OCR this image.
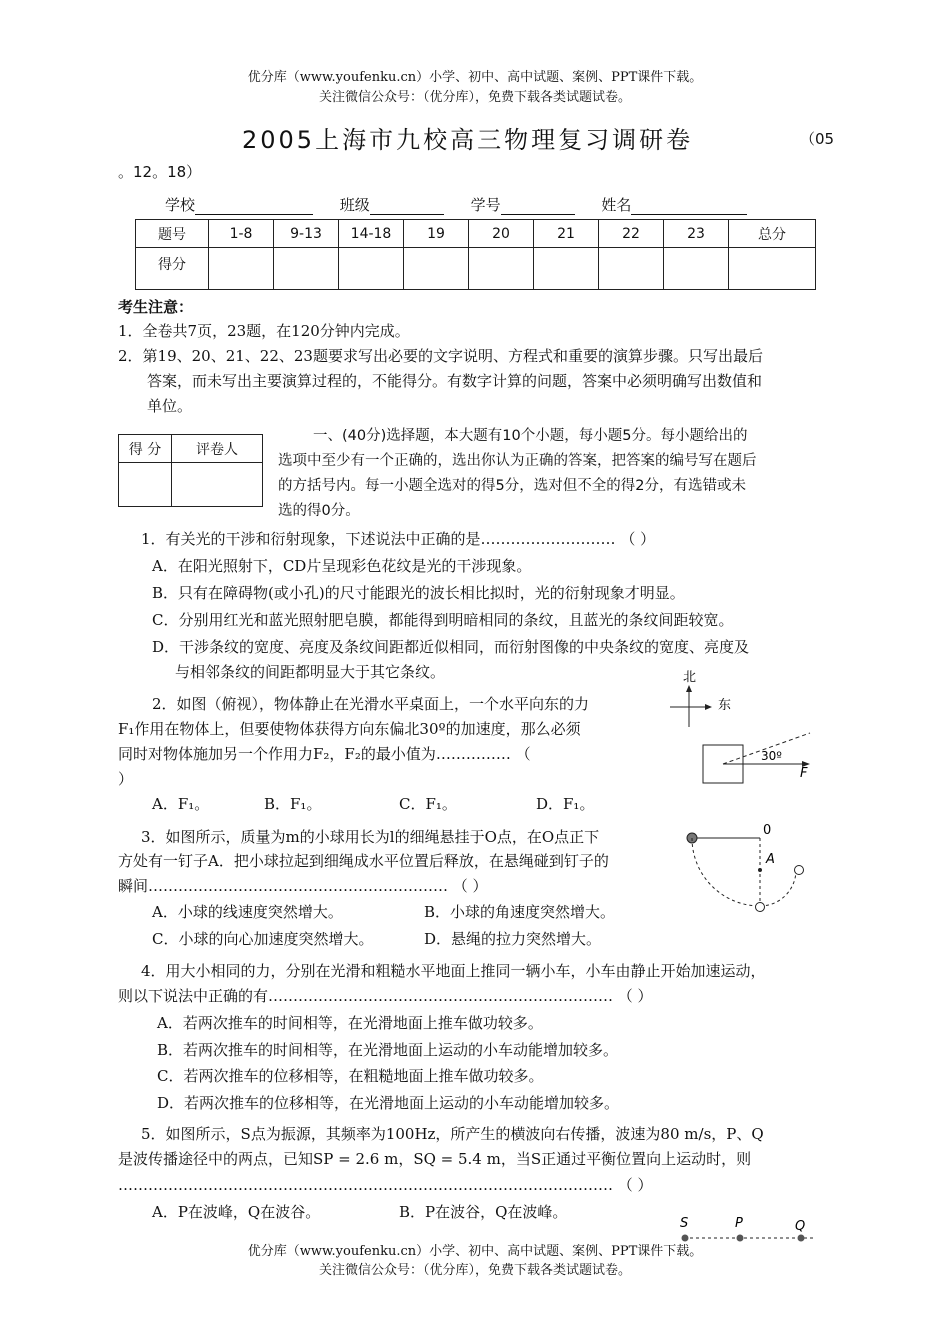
优分库（www.youfenku.cn）小学、初中、高中试题、案例、PPT课件下载。
关注微信公众号：（优分库），免费下载各类试题试卷。
2005上海市九校高三物理复习调研卷	（05
。12。18）
学校	班级	学号	姓名
题号	1-8	9-13	14-18	19	20	21	22	23	总分
得分									
考生注意：
1．全卷共7页，23题，在120分钟内完成。
2．第19、20、21、22、23题要求写出必要的文字说明、方程式和重要的演算步骤。只写出最后
答案，而未写出主要演算过程的，不能得分。有数字计算的问题，答案中必须明确写出数值和
单位。
得 分	评卷人

一、(40分)选择题，本大题有10个小题，每小题5分。每小题给出的
选项中至少有一个正确的，选出你认为正确的答案，把答案的编号写在题后
的方括号内。每一小题全选对的得5分，选对但不全的得2分，有选错或未
选的得0分。
1．有关光的干涉和衍射现象，下述说法中正确的是……………………… （ ）
A．在阳光照射下，CD片呈现彩色花纹是光的干涉现象。
B．只有在障碍物(或小孔)的尺寸能跟光的波长相比拟时，光的衍射现象才明显。
C．分别用红光和蓝光照射肥皂膜，都能得到明暗相同的条纹，且蓝光的条纹间距较宽。
D．干涉条纹的宽度、亮度及条纹间距都近似相同，而衍射图像的中央条纹的宽度、亮度及
与相邻条纹的间距都明显大于其它条纹。
2．如图（俯视），物体静止在光滑水平桌面上，一个水平向东的力
F₁作用在物体上，但要使物体获得方向东偏北30º的加速度，那么必须
同时对物体施加另一个作用力F₂，F₂的最小值为…………… （
）
A．F₁。	B．F₁。	C．F₁。	D．F₁。
北
东
30º
F
3．如图所示，质量为m的小球用长为l的细绳悬挂于O点，在O点正下
方处有一钉子A．把小球拉起到细绳成水平位置后释放，在悬绳碰到钉子的
瞬间…………………………………………………… （ ）
A．小球的线速度突然增大。	B．小球的角速度突然增大。
C．小球的向心加速度突然增大。	D．悬绳的拉力突然增大。
0
A
4．用大小相同的力，分别在光滑和粗糙水平地面上推同一辆小车，小车由静止开始加速运动，
则以下说法中正确的有…………………………………………………………… （ ）
A．若两次推车的时间相等，在光滑地面上推车做功较多。
B．若两次推车的时间相等，在光滑地面上运动的小车动能增加较多。
C．若两次推车的位移相等，在粗糙地面上推车做功较多。
D．若两次推车的位移相等，在光滑地面上运动的小车动能增加较多。
5．如图所示，S点为振源，其频率为100Hz，所产生的横波向右传播，波速为80 m/s，P、Q
是波传播途径中的两点，已知SP = 2.6 m，SQ = 5.4 m，当S正通过平衡位置向上运动时，则
……………………………………………………………………………………… （ ）
A．P在波峰，Q在波谷。	B．P在波谷，Q在波峰。
S	P	Q
优分库（www.youfenku.cn）小学、初中、高中试题、案例、PPT课件下载。
关注微信公众号：（优分库），免费下载各类试题试卷。
